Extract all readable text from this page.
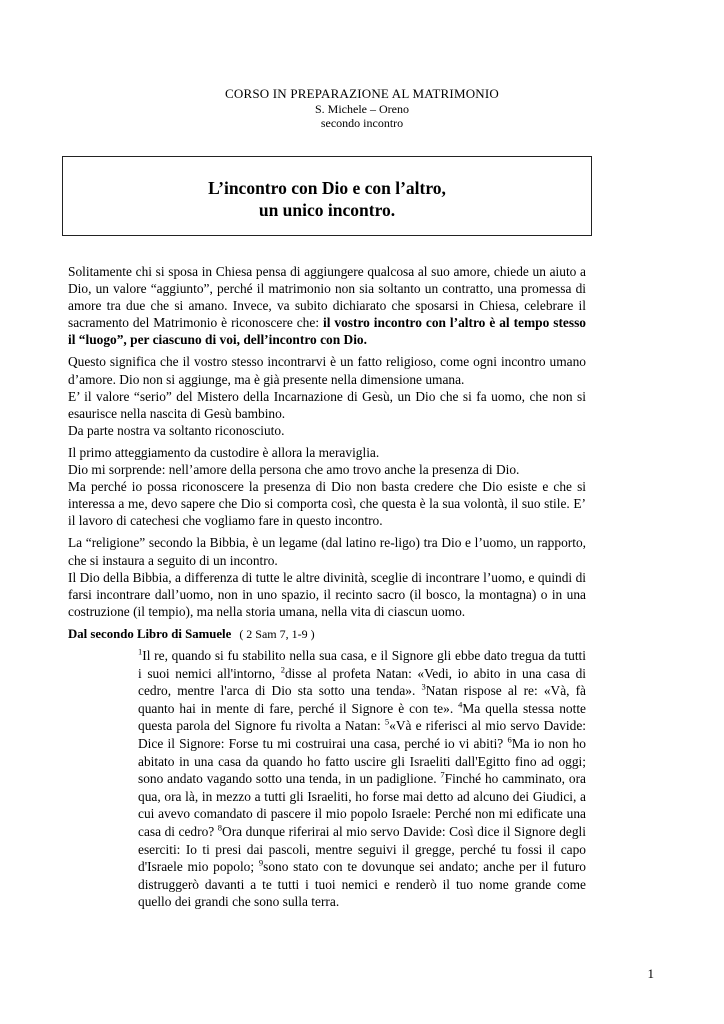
CORSO IN PREPARAZIONE AL MATRIMONIO
S. Michele – Oreno
secondo incontro
L’incontro con Dio e con l’altro,
un unico incontro.

Solitamente chi si sposa in Chiesa pensa di aggiungere qualcosa al suo amore, chiede un aiuto a Dio, un valore “aggiunto”, perché il matrimonio non sia soltanto un contratto, una promessa di amore tra due che si amano. Invece, va subito dichiarato che sposarsi in Chiesa, celebrare il sacramento del Matrimonio è riconoscere che: il vostro incontro con l’altro è al tempo stesso il “luogo”, per ciascuno di voi, dell’incontro con Dio.

Questo significa che il vostro stesso incontrarvi è un fatto religioso, come ogni incontro umano d’amore. Dio non si aggiunge, ma è già presente nella dimensione umana.
E’ il valore “serio” del Mistero della Incarnazione di Gesù, un Dio che si fa uomo, che non si esaurisce nella nascita di Gesù bambino.
Da parte nostra va soltanto riconosciuto.

Il primo atteggiamento da custodire è allora la meraviglia.
Dio mi sorprende: nell’amore della persona che amo trovo anche la presenza di Dio.
Ma perché io possa riconoscere la presenza di Dio non basta credere che Dio esiste e che si interessa a me, devo sapere che Dio si comporta così, che questa è la sua volontà, il suo stile. E’ il lavoro di catechesi che vogliamo fare in questo incontro.

La “religione” secondo la Bibbia, è un legame (dal latino re-ligo) tra Dio e l’uomo, un rapporto, che si instaura a seguito di un incontro.
Il Dio della Bibbia, a differenza di tutte le altre divinità, sceglie di incontrare l’uomo, e quindi di farsi incontrare dall’uomo, non in uno spazio, il recinto sacro (il bosco, la montagna) o in una costruzione (il tempio), ma nella storia umana, nella vita di ciascun uomo.

Dal secondo Libro di Samuele ( 2 Sam 7, 1-9 )
$^1$Il re, quando si fu stabilito nella sua casa, e il Signore gli ebbe dato tregua da tutti i suoi nemici all'intorno, $^2$disse al profeta Natan: «Vedi, io abito in una casa di cedro, mentre l'arca di Dio sta sotto una tenda». $^3$Natan rispose al re: «Và, fà quanto hai in mente di fare, perché il Signore è con te». $^4$Ma quella stessa notte questa parola del Signore fu rivolta a Natan: $^5$«Và e riferisci al mio servo Davide: Dice il Signore: Forse tu mi costruirai una casa, perché io vi abiti? $^6$Ma io non ho abitato in una casa da quando ho fatto uscire gli Israeliti dall'Egitto fino ad oggi; sono andato vagando sotto una tenda, in un padiglione. $^7$Finché ho camminato, ora qua, ora là, in mezzo a tutti gli Israeliti, ho forse mai detto ad alcuno dei Giudici, a cui avevo comandato di pascere il mio popolo Israele: Perché non mi edificate una casa di cedro? $^8$Ora dunque riferirai al mio servo Davide: Così dice il Signore degli eserciti: Io ti presi dai pascoli, mentre seguivi il gregge, perché tu fossi il capo d'Israele mio popolo; $^9$sono stato con te dovunque sei andato; anche per il futuro distruggerò davanti a te tutti i tuoi nemici e renderò il tuo nome grande come quello dei grandi che sono sulla terra.
1
